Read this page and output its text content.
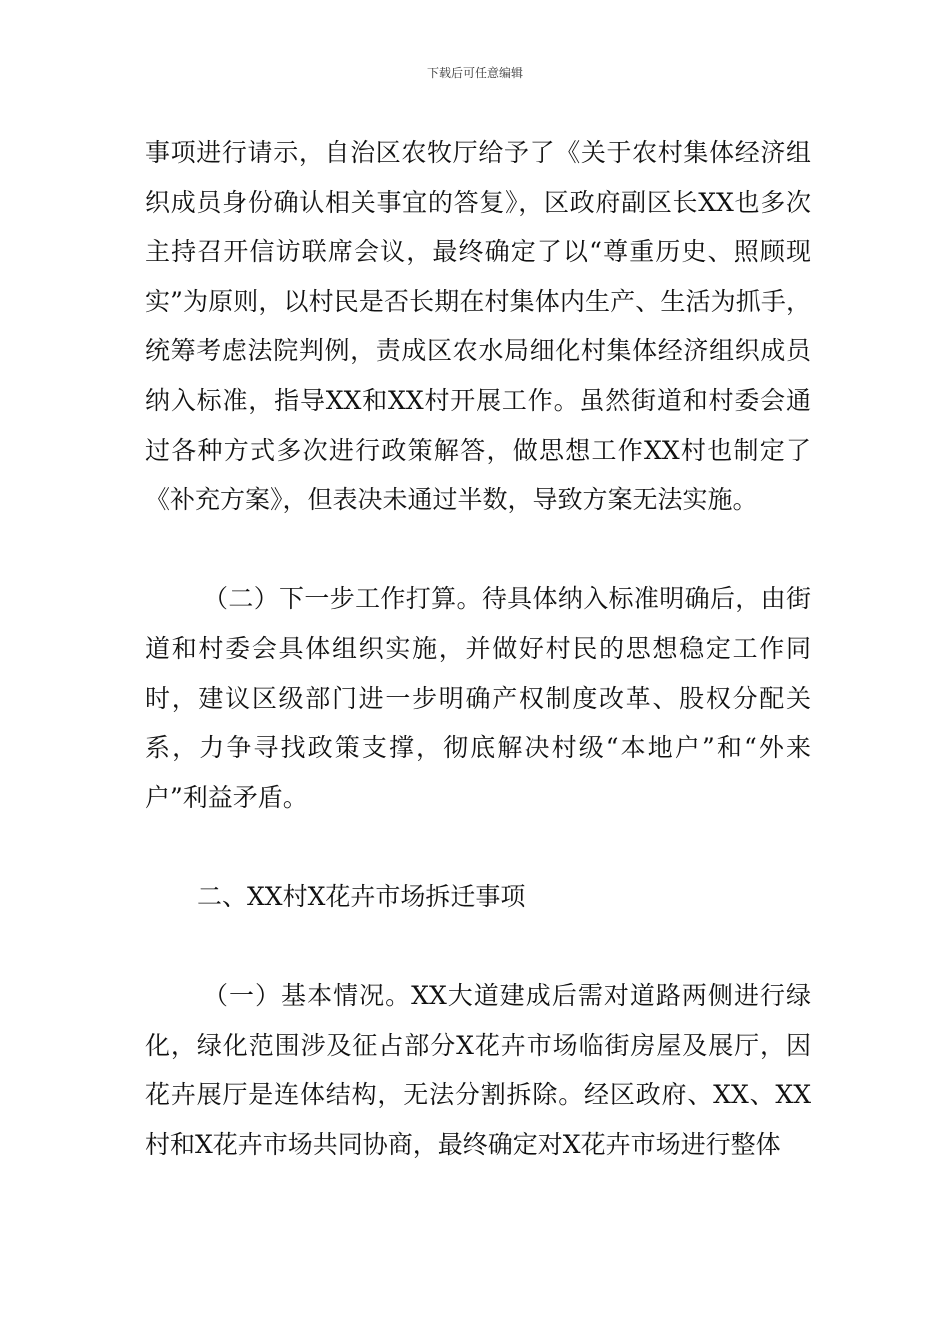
下载后可任意编辑

事项进行请示，自治区农牧厅给予了《关于农村集体经济组织成员身份确认相关事宜的答复》，区政府副区长XX也多次主持召开信访联席会议，最终确定了以“尊重历史、照顾现实”为原则，以村民是否长期在村集体内生产、生活为抓手，统筹考虑法院判例，责成区农水局细化村集体经济组织成员纳入标准，指导XX和XX村开展工作。虽然街道和村委会通过各种方式多次进行政策解答，做思想工作XX村也制定了《补充方案》，但表决未通过半数，导致方案无法实施。

（二）下一步工作打算。待具体纳入标准明确后，由街道和村委会具体组织实施，并做好村民的思想稳定工作同时，建议区级部门进一步明确产权制度改革、股权分配关系，力争寻找政策支撑，彻底解决村级“本地户”和“外来户”利益矛盾。

二、XX村X花卉市场拆迁事项

（一）基本情况。XX大道建成后需对道路两侧进行绿化，绿化范围涉及征占部分X花卉市场临街房屋及展厅，因花卉展厅是连体结构，无法分割拆除。经区政府、XX、XX村和X花卉市场共同协商，最终确定对X花卉市场进行整体
